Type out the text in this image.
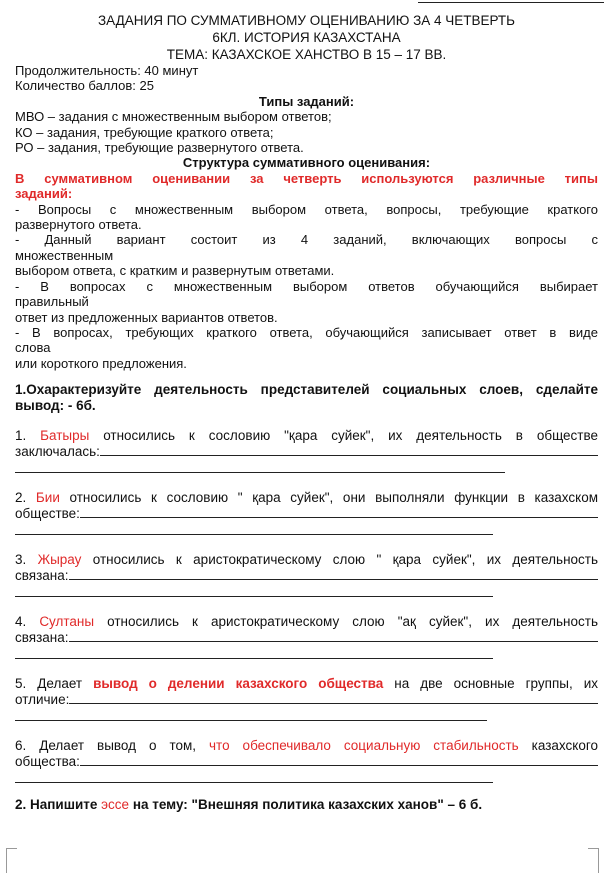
ЗАДАНИЯ ПО СУММАТИВНОМУ ОЦЕНИВАНИЮ ЗА 4 ЧЕТВЕРТЬ

6КЛ. ИСТОРИЯ КАЗАХСТАНА

ТЕМА: КАЗАХСКОЕ ХАНСТВО В 15 – 17 ВВ.

Продолжительность: 40 минут

Количество баллов: 25

Типы заданий:

МВО – задания с множественным выбором ответов;

КО – задания, требующие краткого ответа;

РО – задания, требующие развернутого ответа.

Структура суммативного оценивания:

В суммативном оценивании за четверть используются различные типы

заданий:

- Вопросы с множественным выбором ответа, вопросы, требующие краткого

развернутого ответа.

- Данный вариант состоит из 4 заданий, включающих вопросы с

множественным

выбором ответа, с кратким и развернутым ответами.

- В вопросах с множественным выбором ответов обучающийся выбирает

правильный

ответ из предложенных вариантов ответов.

- В вопросах, требующих краткого ответа, обучающийся записывает ответ в виде

слова

или короткого предложения.

1.Охарактеризуйте деятельность представителей социальных слоев, сделайте

вывод: - 6б.

1. Батыры относились к сословию "қара суйек", их деятельность в обществе

заключалась:

2. Бии относились к сословию " қара суйек", они выполняли функции в казахском

обществе:

3. Жырау относились к аристократическому слою " қара суйек", их деятельность

связана:

4. Султаны относились к аристократическому слою "ақ суйек", их деятельность

связана:

5. Делает вывод о делении казахского общества на две основные группы, их

отличие:

6. Делает вывод о том, что обеспечивало социальную стабильность казахского

общества:

2. Напишите эссе на тему: "Внешняя политика казахских ханов" – 6 б.
